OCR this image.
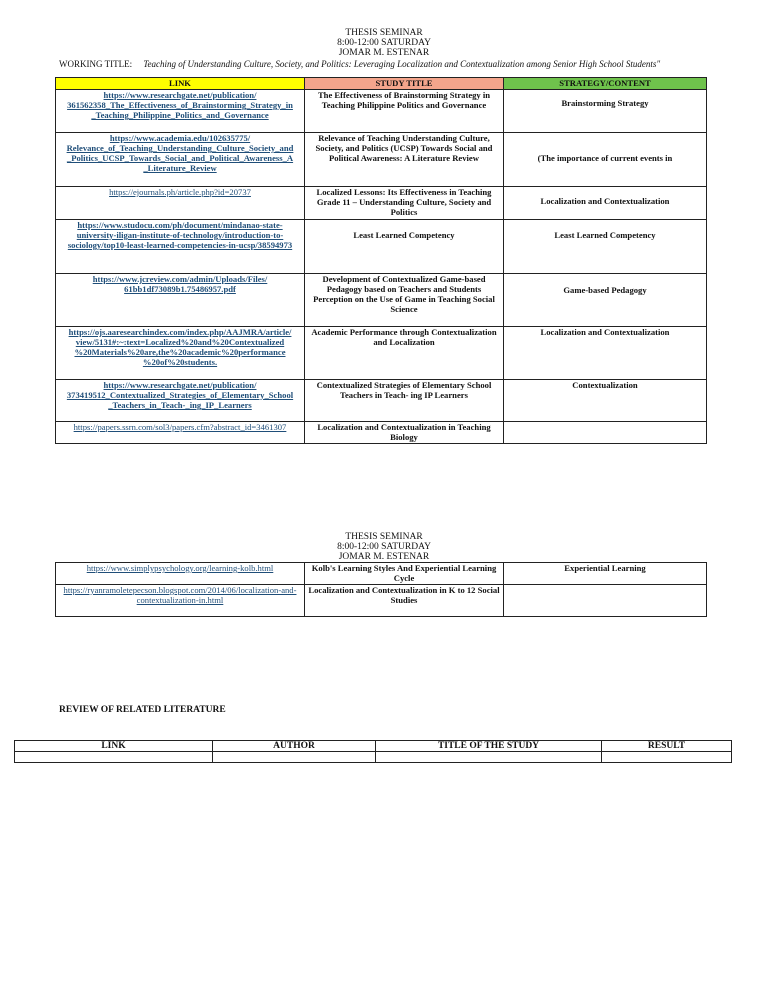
THESIS SEMINAR
8:00-12:00 SATURDAY
JOMAR M. ESTENAR
WORKING TITLE: Teaching of Understanding Culture, Society, and Politics: Leveraging Localization and Contextualization among Senior High School Students"
LINK	STUDY TITLE	STRATEGY/CONTENT
https://www.researchgate.net/publication/ 361562358_The_Effectiveness_of_Brainstorming_Strategy_in _Teaching_Philippine_Politics_and_Governance	The Effectiveness of Brainstorming Strategy in Teaching Philippine Politics and Governance	Brainstorming Strategy
https://www.academia.edu/102635775/ Relevance_of_Teaching_Understanding_Culture_Society_and _Politics_UCSP_Towards_Social_and_Political_Awareness_A _Literature_Review	Relevance of Teaching Understanding Culture, Society, and Politics (UCSP) Towards Social and Political Awareness: A Literature Review	(The importance of current events in
https://ejournals.ph/article.php?id=20737	Localized Lessons: Its Effectiveness in Teaching Grade 11 – Understanding Culture, Society and Politics	Localization and Contextualization
https://www.studocu.com/ph/document/mindanao-state-university-iligan-institute-of-technology/introduction-to-sociology/top10-least-learned-competencies-in-ucsp/38594973	Least Learned Competency	Least Learned Competency
https://www.jcreview.com/admin/Uploads/Files/ 61bb1df73089b1.75486957.pdf	Development of Contextualized Game-based Pedagogy based on Teachers and Students Perception on the Use of Game in Teaching Social Science	Game-based Pedagogy
https://ojs.aaresearchindex.com/index.php/AAJMRA/article/ view/5131#:~:text=Localized%20and%20Contextualized %20Materials%20are,the%20academic%20performance %20of%20students.	Academic Performance through Contextualization and Localization	Localization and Contextualization
https://www.researchgate.net/publication/ 373419512_Contextualized_Strategies_of_Elementary_School _Teachers_in_Teach-_ing_IP_Learners	Contextualized Strategies of Elementary School Teachers in Teach- ing IP Learners	Contextualization
https://papers.ssrn.com/sol3/papers.cfm?abstract_id=3461307	Localization and Contextualization in Teaching Biology	
THESIS SEMINAR
8:00-12:00 SATURDAY
JOMAR M. ESTENAR
https://www.simplypsychology.org/learning-kolb.html	Kolb's Learning Styles And Experiential Learning Cycle	Experiential Learning
https://ryanramoletepecson.blogspot.com/2014/06/localization-and-contextualization-in.html	Localization and Contextualization in K to 12 Social Studies	
REVIEW OF RELATED LITERATURE
LINK	AUTHOR	TITLE OF THE STUDY	RESULT
